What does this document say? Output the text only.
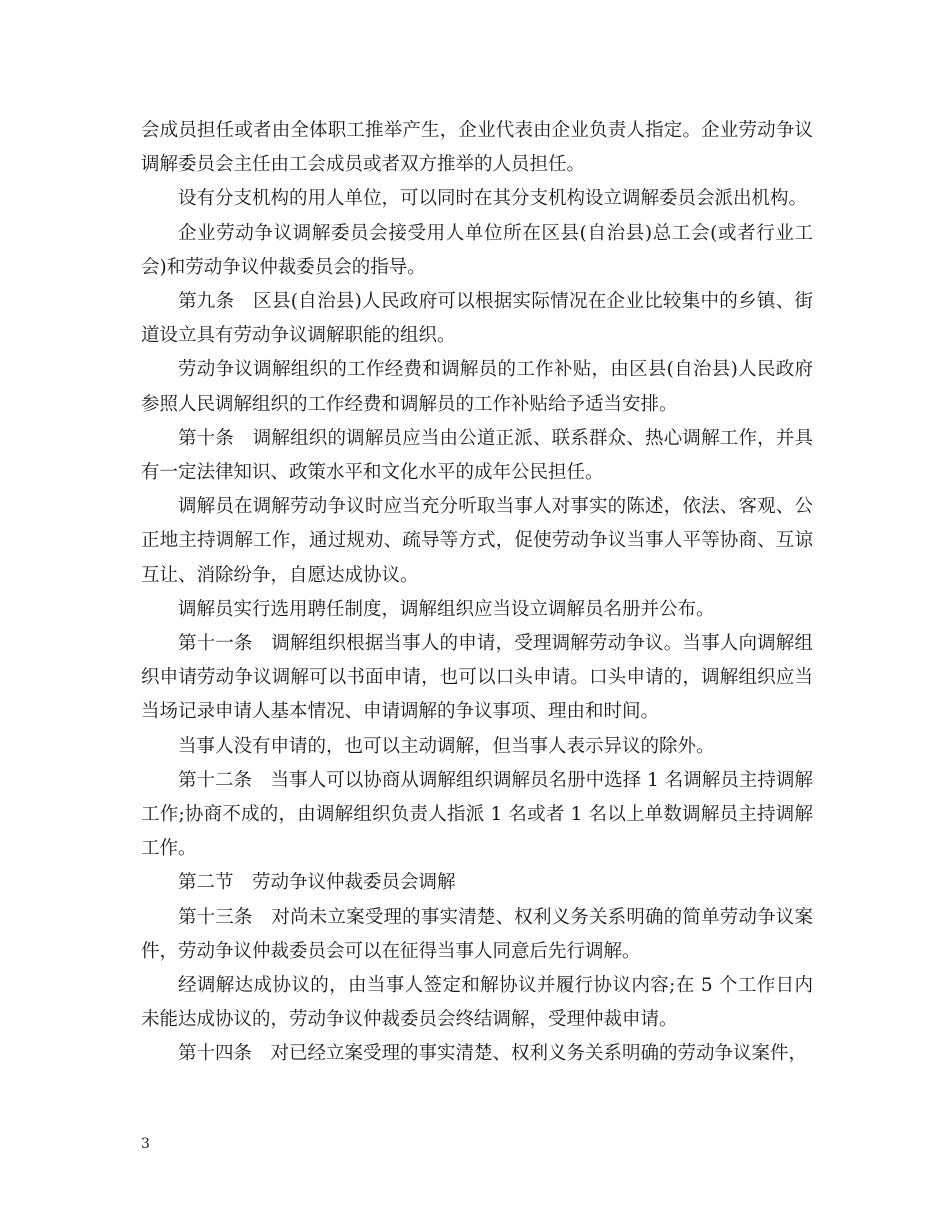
会成员担任或者由全体职工推举产生，企业代表由企业负责人指定。企业劳动争议调解委员会主任由工会成员或者双方推举的人员担任。

设有分支机构的用人单位，可以同时在其分支机构设立调解委员会派出机构。

企业劳动争议调解委员会接受用人单位所在区县(自治县)总工会(或者行业工会)和劳动争议仲裁委员会的指导。

第九条　区县(自治县)人民政府可以根据实际情况在企业比较集中的乡镇、街道设立具有劳动争议调解职能的组织。

劳动争议调解组织的工作经费和调解员的工作补贴，由区县(自治县)人民政府参照人民调解组织的工作经费和调解员的工作补贴给予适当安排。

第十条　调解组织的调解员应当由公道正派、联系群众、热心调解工作，并具有一定法律知识、政策水平和文化水平的成年公民担任。

调解员在调解劳动争议时应当充分听取当事人对事实的陈述，依法、客观、公正地主持调解工作，通过规劝、疏导等方式，促使劳动争议当事人平等协商、互谅互让、消除纷争，自愿达成协议。

调解员实行选用聘任制度，调解组织应当设立调解员名册并公布。

第十一条　调解组织根据当事人的申请，受理调解劳动争议。当事人向调解组织申请劳动争议调解可以书面申请，也可以口头申请。口头申请的，调解组织应当当场记录申请人基本情况、申请调解的争议事项、理由和时间。

当事人没有申请的，也可以主动调解，但当事人表示异议的除外。

第十二条　当事人可以协商从调解组织调解员名册中选择 1 名调解员主持调解工作;协商不成的，由调解组织负责人指派 1 名或者 1 名以上单数调解员主持调解工作。

第二节　劳动争议仲裁委员会调解

第十三条　对尚未立案受理的事实清楚、权利义务关系明确的简单劳动争议案件，劳动争议仲裁委员会可以在征得当事人同意后先行调解。

经调解达成协议的，由当事人签定和解协议并履行协议内容;在 5 个工作日内未能达成协议的，劳动争议仲裁委员会终结调解，受理仲裁申请。

第十四条　对已经立案受理的事实清楚、权利义务关系明确的劳动争议案件，

3
